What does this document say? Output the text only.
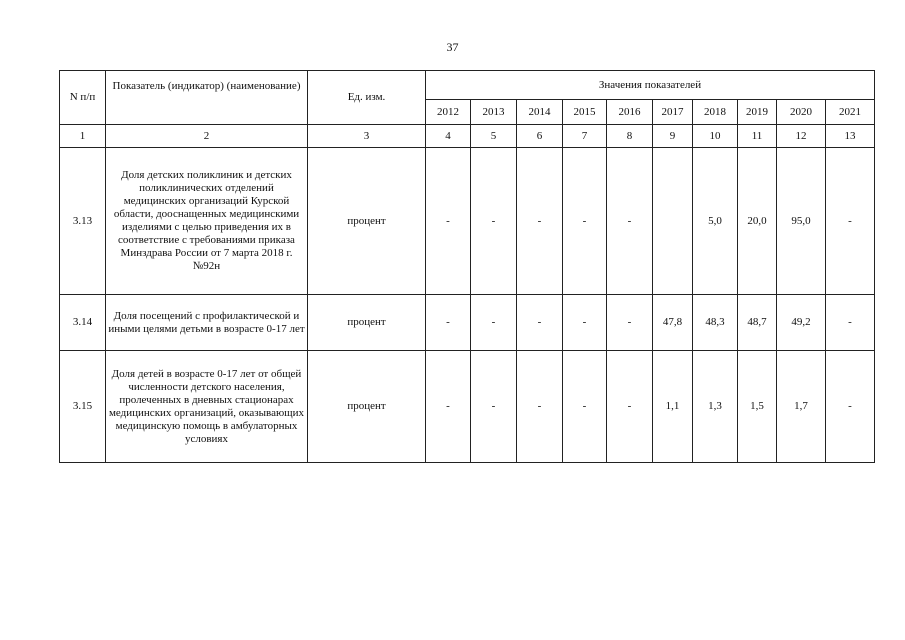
37
N п/п	Показатель (индикатор) (наименование)	Ед. изм.	Значения показателей									
			2012	2013	2014	2015	2016	2017	2018	2019	2020	2021
1	2	3	4	5	6	7	8	9	10	11	12	13
3.13	Доля детских поликлиник и детских поликлинических отделений медицинских организаций Курской области, дооснащенных медицинскими изделиями с целью приведения их в соответствие с требованиями приказа Минздрава России от 7 марта 2018 г. №92н	процент	-	-	-	-	-		5,0	20,0	95,0	-
3.14	Доля посещений с профилактической и иными целями детьми в возрасте 0-17 лет	процент	-	-	-	-	-	47,8	48,3	48,7	49,2	-
3.15	Доля детей в возрасте 0-17 лет от общей численности детского населения, пролеченных в дневных стационарах медицинских организаций, оказывающих медицинскую помощь в амбулаторных условиях	процент	-	-	-	-	-	1,1	1,3	1,5	1,7	-
